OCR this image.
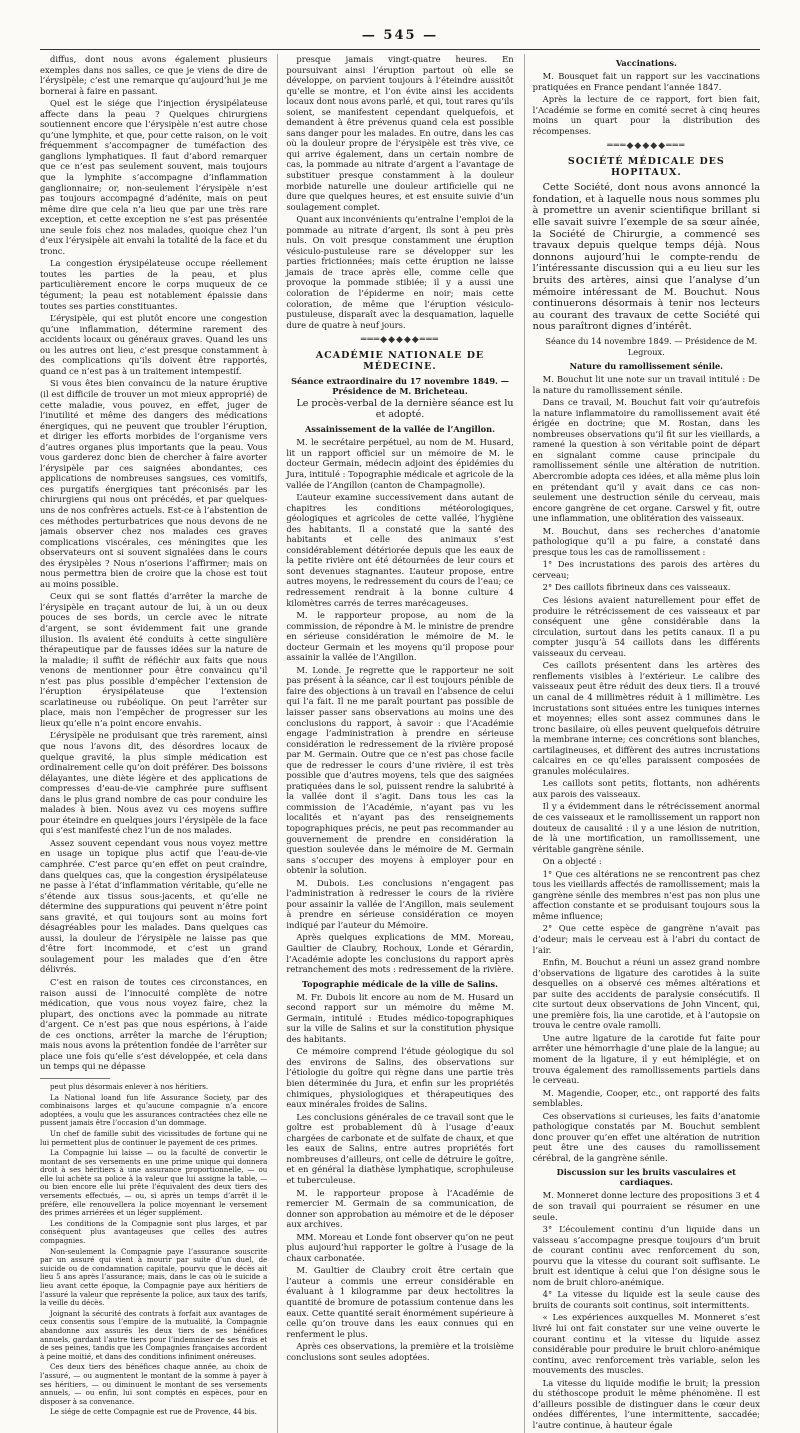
— 545 —

diffus, dont nous avons également plusieurs exemples dans nos salles, ce que je viens de dire de l’érysipèle; c’est une remarque qu’aujourd’hui je me bornerai à faire en passant.

Quel est le siége que l’injection érysipélateuse affecte dans la peau ? Quelques chirurgiens soutiennent encore que l’érysipèle n’est autre chose qu’une lymphite, et que, pour cette raison, on le voit fréquemment s’accompagner de tuméfaction des ganglions lymphatiques. Il faut d’abord remarquer que ce n’est pas seulement souvent, mais toujours que la lymphite s’accompagne d’inflammation ganglionnaire; or, non-seulement l’érysipèle n’est pas toujours accompagné d’adénite, mais on peut même dire que cela n’a lieu que par une très rare exception, et cette exception ne s’est pas présentée une seule fois chez nos malades, quoique chez l’un d’eux l’érysipèle ait envahi la totalité de la face et du tronc.

La congestion érysipélateuse occupe réellement toutes les parties de la peau, et plus particulièrement encore le corps muqueux de ce tégument; la peau est notablement épaissie dans toutes ses parties constituantes.

L’érysipèle, qui est plutôt encore une congestion qu’une inflammation, détermine rarement des accidents locaux ou généraux graves. Quand les uns ou les autres ont lieu, c’est presque constamment à des complications qu’ils doivent être rapportés, quand ce n’est pas à un traitement intempestif.

Si vous êtes bien convaincu de la nature éruptive (il est difficile de trouver un mot mieux approprié) de cette maladie, vous pouvez, en effet, juger de l’inutilité et même des dangers des médications énergiques, qui ne peuvent que troubler l’éruption, et diriger les efforts morbides de l’organisme vers d’autres organes plus importants que la peau. Vous vous garderez donc bien de chercher à faire avorter l’érysipèle par ces saignées abondantes, ces applications de nombreuses sangsues, ces vomitifs, ces purgatifs énergiques tant préconisés par les chirurgiens qui nous ont précédés, et par quelques-uns de nos confrères actuels. Est-ce à l’abstention de ces méthodes perturbatrices que nous devons de ne jamais observer chez nos malades ces graves complications viscérales, ces méningites que les observateurs ont si souvent signalées dans le cours des érysipèles ? Nous n’oserions l’affirmer; mais on nous permettra bien de croire que la chose est tout au moins possible.

Ceux qui se sont flattés d’arrêter la marche de l’érysipèle en traçant autour de lui, à un ou deux pouces de ses bords, un cercle avec le nitrate d’argent, se sont évidemment fait une grande illusion. Ils avaient été conduits à cette singulière thérapeutique par de fausses idées sur la nature de la maladie; il suffit de réfléchir aux faits que nous venons de mentionner pour être convaincu qu’il n’est pas plus possible d’empêcher l’extension de l’éruption érysipélateuse que l’extension scarlatineuse ou rubéolique. On peut l’arrêter sur place, mais non l’empêcher de progresser sur les lieux qu’elle n’a point encore envahis.

L’érysipèle ne produisant que très rarement, ainsi que nous l’avons dit, des désordres locaux de quelque gravité, la plus simple médication est ordinairement celle qu’on doit préférer. Des boissons délayantes, une diète légère et des applications de compresses d’eau-de-vie camphrée pure suffisent dans le plus grand nombre de cas pour conduire les malades à bien. Nous avez vu ces moyens suffire pour éteindre en quelques jours l’érysipèle de la face qui s’est manifesté chez l’un de nos malades.

Assez souvent cependant vous nous voyez mettre en usage un topique plus actif que l’eau-de-vie camphrée. C’est parce qu’en effet on peut craindre, dans quelques cas, que la congestion érysipélateuse ne passe à l’état d’inflammation véritable, qu’elle ne s’étende aux tissus sous-jacents, et qu’elle ne détermine des suppurations qui peuvent n’être point sans gravité, et qui toujours sont au moins fort désagréables pour les malades. Dans quelques cas aussi, la douleur de l’érysipèle ne laisse pas que d’être fort incommode, et c’est un grand soulagement pour les malades que d’en être délivrés.

C’est en raison de toutes ces circonstances, en raison aussi de l’innocuité complète de notre médication, que vous nous voyez faire, chez la plupart, des onctions avec la pommade au nitrate d’argent. Ce n’est pas que nous espérions, à l’aide de ces onctions, arrêter la marche de l’éruption; mais nous avons la prétention fondée de l’arrêter sur place une fois qu’elle s’est développée, et cela dans un temps qui ne dépasse

peut plus désormais enlever à nos héritiers.

La National loand fun life Assurance Society, par des combinaisons larges et qu’aucune compagnie n’a encore adoptées, a voulu que les assurances contractées chez elle ne pussent jamais être l’occasion d’un dommage.

Un chef de famille subit des vicissitudes de fortune qui ne lui permettent plus de continuer le payement de ces primes.

La Compagnie lui laisse — ou la faculté de convertir le montant de ses versements en une prime unique qui donnera droit à ses héritiers à une assurance proportionnelle, — ou elle lui achète sa police à la valeur que lui assigne la table, — ou bien encore elle lui prête l’équivalent des deux tiers des versements effectués, — ou, si après un temps d’arrêt il le préfère, elle renouvellera la police moyennant le versement des primes arriérées et un léger supplément.

Les conditions de la Compagnie sont plus larges, et par conséquent plus avantageuses que celles des autres compagnies.

Non-seulement la Compagnie paye l’assurance souscrite par un assuré qui vient à mourir par suite d’un duel, de suicide ou de condamnation capitale, pourvu que le décès ait lieu 5 ans après l’assurance; mais, dans le cas où le suicide a lieu avant cette époque, la Compagnie paye aux héritiers de l’assuré la valeur que représente la police, aux taux des tarifs, la veille du décès.

Joignant la sécurité des contrats à forfait aux avantages de ceux consentis sous l’empire de la mutualité, la Compagnie abandonne aux assurés les deux tiers de ses bénéfices annuels, gardant l’autre tiers pour l’indemniser de ses frais et de ses peines, tandis que les Compagnies françaises accordent à peine moitié, et dans des conditions infiniment onéreuses.

Ces deux tiers des bénéfices chaque année, au choix de l’assuré, — ou augmentent le montant de la somme à payer à ses héritiers, — ou diminuent le montant de ses versements annuels, — ou enfin, lui sont comptés en espèces, pour en disposer à sa convenance.

Le siége de cette Compagnie est rue de Provence, 44 bis.

presque jamais vingt-quatre heures. En poursuivant ainsi l’éruption partout où elle se développe, on parvient toujours à l’éteindre aussitôt qu’elle se montre, et l’on évite ainsi les accidents locaux dont nous avons parlé, et qui, tout rares qu’ils soient, se manifestent cependant quelquefois, et demandent à être prévenus quand cela est possible sans danger pour les malades. En outre, dans les cas où la douleur propre de l’érysipèle est très vive, ce qui arrive également, dans un certain nombre de cas, la pommade au nitrate d’argent a l’avantage de substituer presque constamment à la douleur morbide naturelle une douleur artificielle qui ne dure que quelques heures, et est ensuite suivie d’un soulagement complet.

Quant aux inconvénients qu’entraîne l’emploi de la pommade au nitrate d’argent, ils sont à peu près nuls. On voit presque constamment une éruption vésiculo-pustuleuse rare se développer sur les parties frictionnées; mais cette éruption ne laisse jamais de trace après elle, comme celle que provoque la pommade stibiée; il y a aussi une coloration de l’épiderme en noir; mais cette coloration, de même que l’éruption vésiculo-pustuleuse, disparaît avec la desquamation, laquelle dure de quatre à neuf jours.

═══◆◆◆◆◆═══
ACADÉMIE NATIONALE DE MÉDECINE.

Séance extraordinaire du 17 novembre 1849. — Présidence de M. Bricheteau.

Le procès-verbal de la dernière séance est lu et adopté.

Assainissement de la vallée de l’Angillon.

M. le secrétaire perpétuel, au nom de M. Husard, lit un rapport officiel sur un mémoire de M. le docteur Germain, médecin adjoint des épidémies du Jura, intitulé : Topographie médicale et agricole de la vallée de l’Angillon (canton de Champagnolle).

L’auteur examine successivement dans autant de chapitres les conditions météorologiques, géologiques et agricoles de cette vallée, l’hygiène des habitants. Il a constaté que la santé des habitants et celle des animaux s’est considérablement détériorée depuis que les eaux de la petite rivière ont été détournées de leur cours et sont devenues stagnantes. L’auteur propose, entre autres moyens, le redressement du cours de l’eau; ce redressement rendrait à la bonne culture 4 kilomètres carrés de terres marécageuses.

M. le rapporteur propose, au nom de la commission, de répondre à M. le ministre de prendre en sérieuse considération le mémoire de M. le docteur Germain et les moyens qu’il propose pour assainir la vallée de l’Angillon.

M. Londe. Je regrette que le rapporteur ne soit pas présent à la séance, car il est toujours pénible de faire des objections à un travail en l’absence de celui qui l’a fait. Il ne me paraît pourtant pas possible de laisser passer sans observations au moins une des conclusions du rapport, à savoir : que l’Académie engage l’administration à prendre en sérieuse considération le redressement de la rivière proposé par M. Germain. Outre que ce n’est pas chose facile que de redresser le cours d’une rivière, il est très possible que d’autres moyens, tels que des saignées pratiquées dans le sol, puissent rendre la salubrité à la vallée dont il s’agit. Dans tous les cas la commission de l’Académie, n’ayant pas vu les localités et n’ayant pas des renseignements topographiques précis, ne peut pas recommander au gouvernement de prendre en considération la question soulevée dans le mémoire de M. Germain sans s’occuper des moyens à employer pour en obtenir la solution.

M. Dubois. Les conclusions n’engagent pas l’administration à redresser le cours de la rivière pour assainir la vallée de l’Angillon, mais seulement à prendre en sérieuse considération ce moyen indiqué par l’auteur du Mémoire.

Après quelques explications de MM. Moreau, Gaultier de Claubry, Rochoux, Londe et Gérardin, l’Académie adopte les conclusions du rapport après retranchement des mots : redressement de la rivière.

Topographie médicale de la ville de Salins.

M. Fr. Dubois lit encore au nom de M. Husard un second rapport sur un mémoire du même M. Germain, intitulé : Etudes médico-topographiques sur la ville de Salins et sur la constitution physique des habitants.

Ce mémoire comprend l’étude géologique du sol des environs de Salins, des observations sur l’étiologie du goître qui règne dans une partie très bien déterminée du Jura, et enfin sur les propriétés chimiques, physiologiques et thérapeutiques des eaux minérales froides de Salins.

Les conclusions générales de ce travail sont que le goître est probablement dû à l’usage d’eaux chargées de carbonate et de sulfate de chaux, et que les eaux de Salins, entre autres propriétés fort nombreuses d’ailleurs, ont celle de détruire le goître, et en général la diathèse lymphatique, scrophuleuse et tuberculeuse.

M. le rapporteur propose à l’Académie de remercier M. Germain de sa communication, de donner son approbation au mémoire et de le déposer aux archives.

MM. Moreau et Londe font observer qu’on ne peut plus aujourd’hui rapporter le goître à l’usage de la chaux carbonatée.

M. Gaultier de Claubry croit être certain que l’auteur a commis une erreur considérable en évaluant à 1 kilogramme par deux hectolitres la quantité de bromure de potassium contenue dans les eaux. Cette quantité serait énormément supérieure à celle qu’on trouve dans les eaux connues qui en renferment le plus.

Après ces observations, la première et la troisième conclusions sont seules adoptées.

Vaccinations.

M. Bousquet fait un rapport sur les vaccinations pratiquées en France pendant l’année 1847.

Après la lecture de ce rapport, fort bien fait, l’Académie se forme en comité secret à cinq heures moins un quart pour la distribution des récompenses.

═══◆◆◆◆◆═══
SOCIÉTÉ MÉDICALE DES HOPITAUX.

Cette Société, dont nous avons annoncé la fondation, et à laquelle nous nous sommes plu à promettre un avenir scientifique brillant si elle savait suivre l’exemple de sa sœur aînée, la Société de Chirurgie, a commencé ses travaux depuis quelque temps déjà. Nous donnons aujourd’hui le compte-rendu de l’intéressante discussion qui a eu lieu sur les bruits des artères, ainsi que l’analyse d’un mémoire intéressant de M. Bouchut. Nous continuerons désormais à tenir nos lecteurs au courant des travaux de cette Société qui nous paraîtront dignes d’intérêt.

Séance du 14 novembre 1849. — Présidence de M. Legroux.

Nature du ramollissement sénile.

M. Bouchut lit une note sur un travail intitulé : De la nature du ramollissement sénile.

Dans ce travail, M. Bouchut fait voir qu’autrefois la nature inflammatoire du ramollissement avait été érigée en doctrine; que M. Rostan, dans les nombreuses observations qu’il fit sur les vieillards, a ramené la question à son véritable point de départ en signalant comme cause principale du ramollissement sénile une altération de nutrition. Abercrombie adopta ces idées, et alla même plus loin en prétendant qu’il y avait dans ce cas non-seulement une destruction sénile du cerveau, mais encore gangrène de cet organe. Carswel y fit, outre une inflammation, une oblitération des vaisseaux.

M. Bouchut, dans ses recherches d’anatomie pathologique qu’il a pu faire, a constaté dans presque tous les cas de ramollissement :

1° Des incrustations des parois des artères du cerveau;

2° Des caillots fibrineux dans ces vaisseaux.

Ces lésions avaient naturellement pour effet de produire le rétrécissement de ces vaisseaux et par conséquent une gêne considérable dans la circulation, surtout dans les petits canaux. Il a pu compter jusqu’à 54 caillots dans les différents vaisseaux du cerveau.

Ces caillots présentent dans les artères des renflements visibles à l’extérieur. Le calibre des vaisseaux peut être réduit des deux tiers. Il a trouvé un canal de 4 millimètres réduit à 1 millimètre. Les incrustations sont situées entre les tuniques internes et moyennes; elles sont assez communes dans le tronc basilaire, où elles peuvent quelquefois détruire la membrane interne; ces concrétions sont blanches, cartilagineuses, et diffèrent des autres incrustations calcaires en ce qu’elles paraissent composées de granules moléculaires.

Les caillots sont petits, flottants, non adhérents aux parois des vaisseaux.

Il y a évidemment dans le rétrécissement anormal de ces vaisseaux et le ramollissement un rapport non douteux de causalité : il y a une lésion de nutrition, de là une mortification, un ramollissement, une véritable gangrène sénile.

On a objecté :

1° Que ces altérations ne se rencontrent pas chez tous les vieillards affectés de ramollissement; mais la gangrène sénile des membres n’est pas non plus une affection constante et se produisant toujours sous la même influence;

2° Que cette espèce de gangrène n’avait pas d’odeur; mais le cerveau est à l’abri du contact de l’air.

Enfin, M. Bouchut a réuni un assez grand nombre d’observations de ligature des carotides à la suite desquelles on a observé ces mêmes altérations et par suite des accidents de paralysie consécutifs. Il cite surtout deux observations de John Vincent, qui, une première fois, lia une carotide, et à l’autopsie on trouva le centre ovale ramolli.

Une autre ligature de la carotide fut faite pour arrêter une hémorrhagie d’une plaie de la langue; au moment de la ligature, il y eut hémiplégie, et on trouva également des ramollissements partiels dans le cerveau.

M. Magendie, Cooper, etc., ont rapporté des faits semblables.

Ces observations si curieuses, les faits d’anatomie pathologique constatés par M. Bouchut semblent donc prouver qu’en effet une altération de nutrition peut être une des causes du ramollissement cérébral, de la gangrène sénile.

Discussion sur les bruits vasculaires et cardiaques.

M. Monneret donne lecture des propositions 3 et 4 de son travail qui pourraient se résumer en une seule.

3° L’écoulement continu d’un liquide dans un vaisseau s’accompagne presque toujours d’un bruit de courant continu avec renforcement du son, pourvu que la vitesse du courant soit suffisante. Le bruit est identique à celui que l’on désigne sous le nom de bruit chloro-anémique.

4° La vitesse du liquide est la seule cause des bruits de courants soit continus, soit intermittents.

« Les expériences auxquelles M. Monneret s’est livré lui ont fait constater sur une veine ouverte le courant continu et la vitesse du liquide assez considérable pour produire le bruit chloro-anémique continu, avec renforcement très variable, selon les mouvements des muscles.

La vitesse du liquide modifie le bruit; la pression du stéthoscope produit le même phénomène. Il est d’ailleurs possible de distinguer dans le cœur deux ondées différentes, l’une intermittente, saccadée; l’autre continue, à hauteur égale
